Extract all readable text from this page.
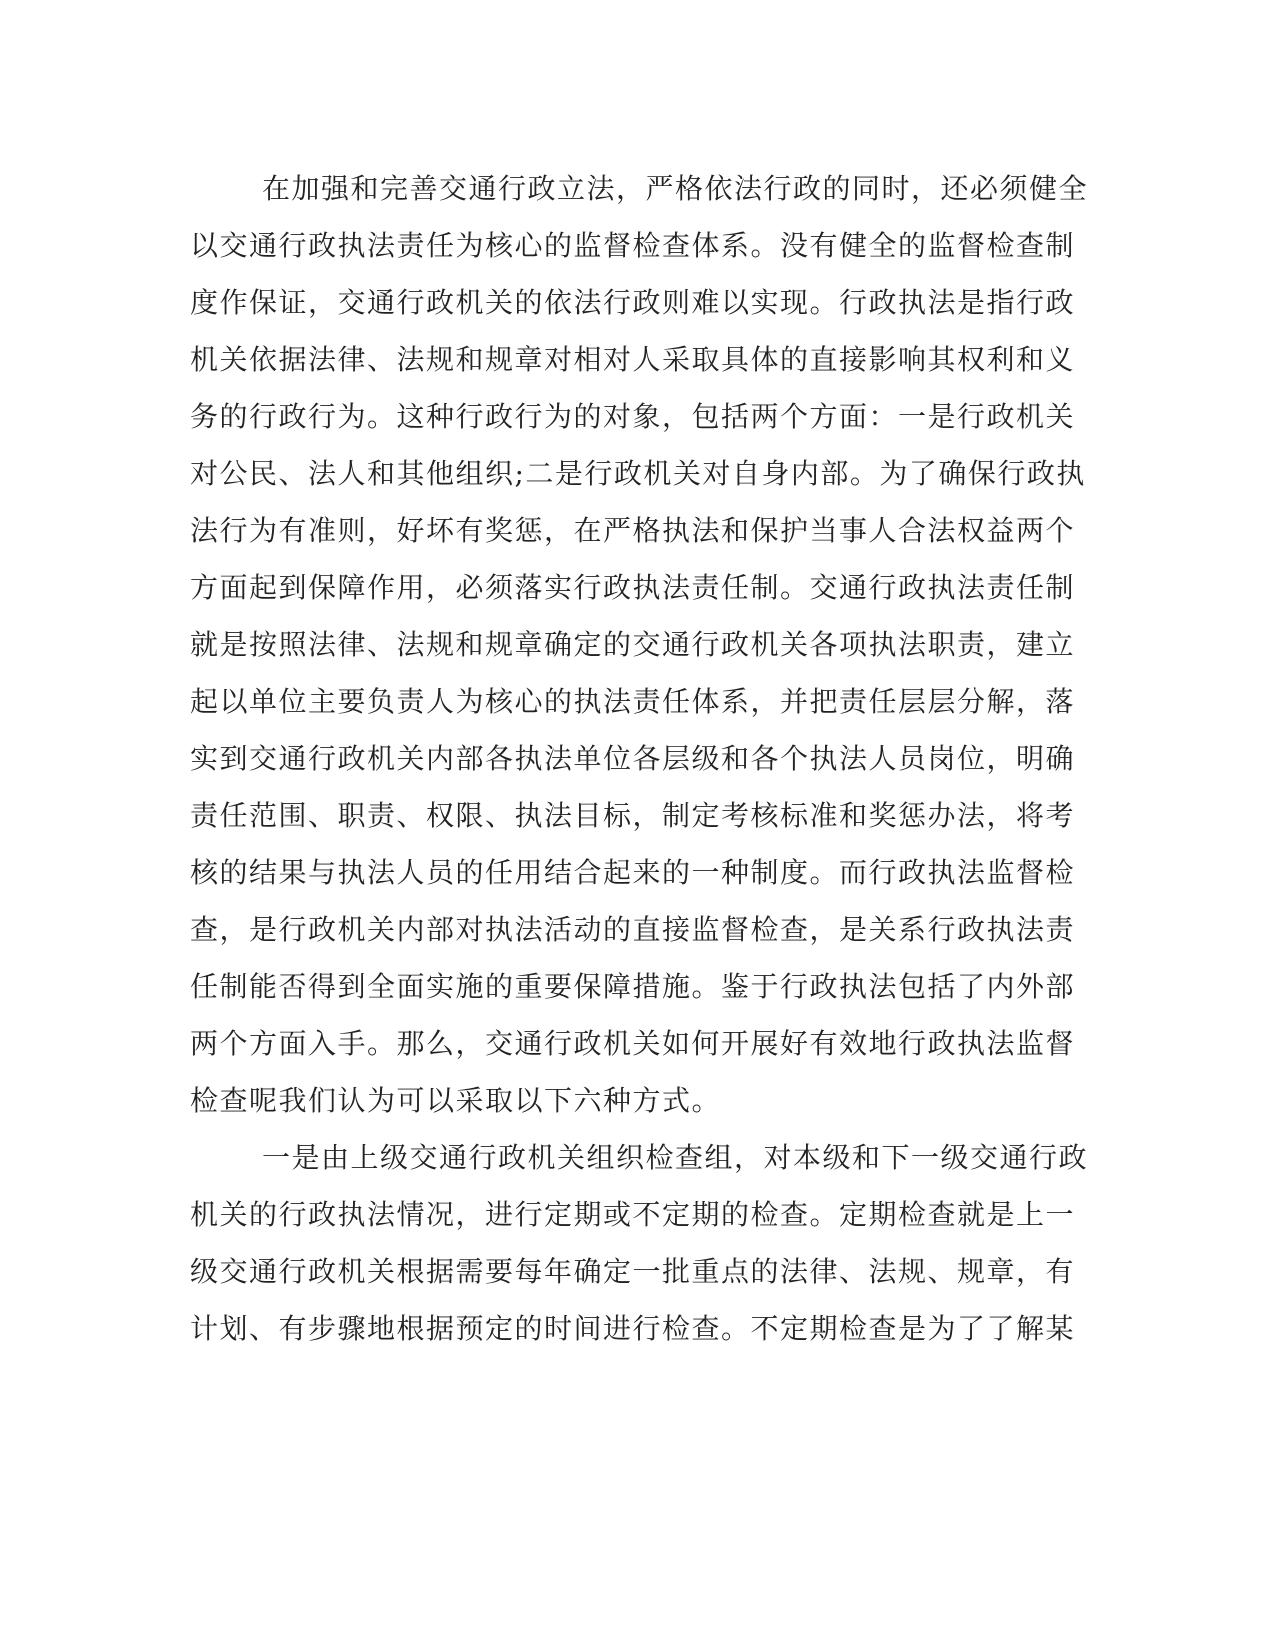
在加强和完善交通行政立法，严格依法行政的同时，还必须健全
以交通行政执法责任为核心的监督检查体系。没有健全的监督检查制
度作保证，交通行政机关的依法行政则难以实现。行政执法是指行政
机关依据法律、法规和规章对相对人采取具体的直接影响其权利和义
务的行政行为。这种行政行为的对象，包括两个方面：一是行政机关
对公民、法人和其他组织;二是行政机关对自身内部。为了确保行政执
法行为有准则，好坏有奖惩，在严格执法和保护当事人合法权益两个
方面起到保障作用，必须落实行政执法责任制。交通行政执法责任制
就是按照法律、法规和规章确定的交通行政机关各项执法职责，建立
起以单位主要负责人为核心的执法责任体系，并把责任层层分解，落
实到交通行政机关内部各执法单位各层级和各个执法人员岗位，明确
责任范围、职责、权限、执法目标，制定考核标准和奖惩办法，将考
核的结果与执法人员的任用结合起来的一种制度。而行政执法监督检
查，是行政机关内部对执法活动的直接监督检查，是关系行政执法责
任制能否得到全面实施的重要保障措施。鉴于行政执法包括了内外部
两个方面入手。那么，交通行政机关如何开展好有效地行政执法监督
检查呢我们认为可以采取以下六种方式。
一是由上级交通行政机关组织检查组，对本级和下一级交通行政
机关的行政执法情况，进行定期或不定期的检查。定期检查就是上一
级交通行政机关根据需要每年确定一批重点的法律、法规、规章，有
计划、有步骤地根据预定的时间进行检查。不定期检查是为了了解某
